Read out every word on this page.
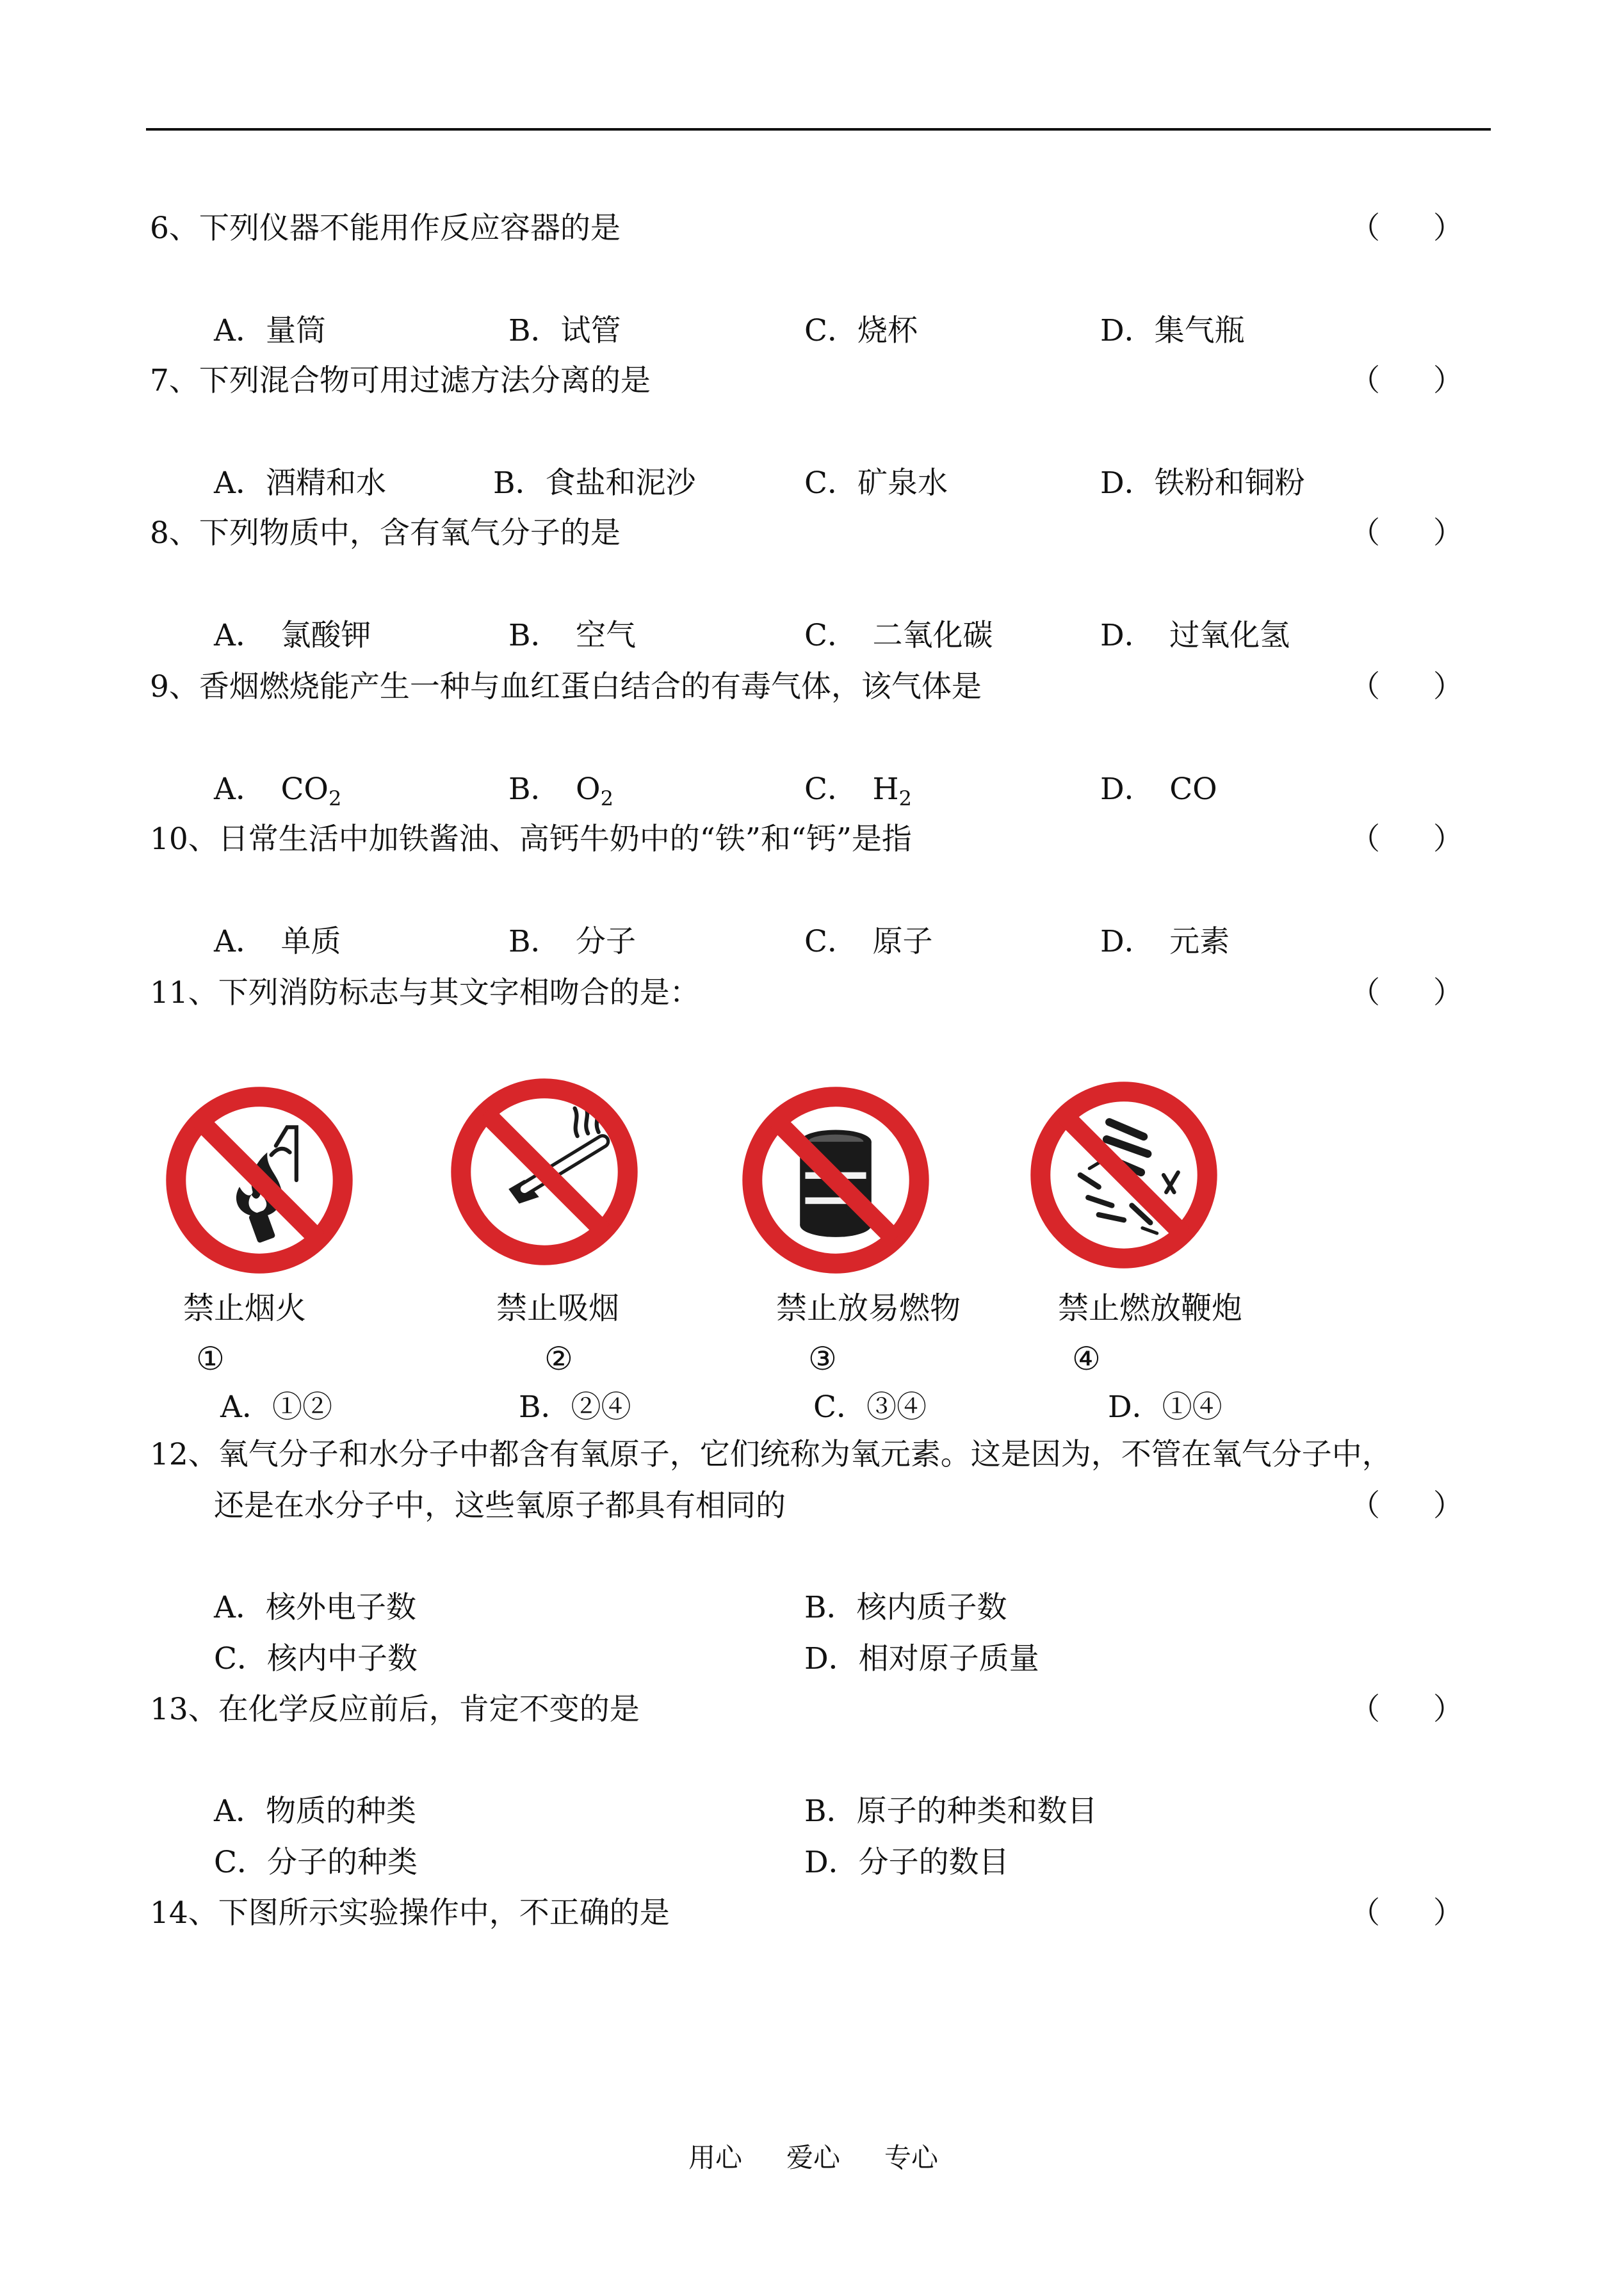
6、下列仪器不能用作反应容器的是	（ ）
A．量筒	B．试管	C．烧杯	D．集气瓶
7、下列混合物可用过滤方法分离的是	（ ）
A．酒精和水	B．食盐和泥沙	C．矿泉水	D．铁粉和铜粉
8、下列物质中，含有氧气分子的是	（ ）
A．　氯酸钾	B．　空气	C．　二氧化碳	D．　过氧化氢
9、香烟燃烧能产生一种与血红蛋白结合的有毒气体，该气体是	（ ）
A．　 $CO_2$	B．　 $O_2$	C．　 $H_2$	D．　 CO
10、日常生活中加铁酱油、高钙牛奶中的“铁”和“钙”是指	（ ）
A．　单质	B．　分子	C．　原子	D．　元素
11、下列消防标志与其文字相吻合的是：	（ ）
禁止烟火	禁止吸烟	禁止放易燃物	禁止燃放鞭炮
①	②	③	④
A．①②	B．②④	C．③④	D．①④
12、氧气分子和水分子中都含有氧原子，它们统称为氧元素。这是因为，不管在氧气分子中，
还是在水分子中，这些氧原子都具有相同的	（ ）
A．核外电子数	B．核内质子数
C．核内中子数	D．相对原子质量
13、在化学反应前后，肯定不变的是	（ ）
A．物质的种类	B．原子的种类和数目
C．分子的种类	D．分子的数目
14、下图所示实验操作中，不正确的是	（ ）
用心 爱心 专心
